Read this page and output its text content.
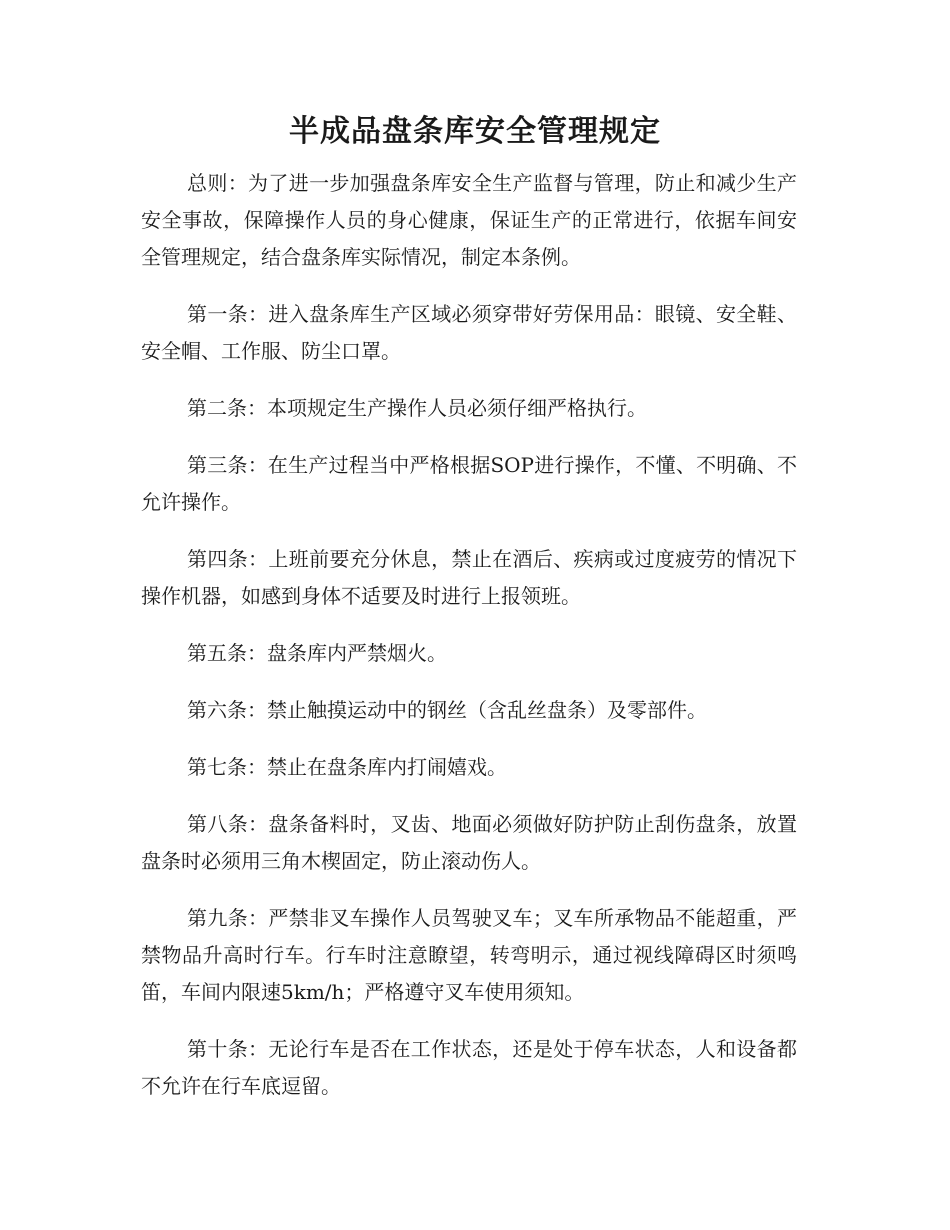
半成品盘条库安全管理规定

总则：为了进一步加强盘条库安全生产监督与管理，防止和减少生产安全事故，保障操作人员的身心健康，保证生产的正常进行，依据车间安全管理规定，结合盘条库实际情况，制定本条例。

第一条：进入盘条库生产区域必须穿带好劳保用品：眼镜、安全鞋、安全帽、工作服、防尘口罩。

第二条：本项规定生产操作人员必须仔细严格执行。

第三条：在生产过程当中严格根据SOP进行操作，不懂、不明确、不允许操作。

第四条：上班前要充分休息，禁止在酒后、疾病或过度疲劳的情况下操作机器，如感到身体不适要及时进行上报领班。

第五条：盘条库内严禁烟火。

第六条：禁止触摸运动中的钢丝（含乱丝盘条）及零部件。

第七条：禁止在盘条库内打闹嬉戏。

第八条：盘条备料时，叉齿、地面必须做好防护防止刮伤盘条，放置盘条时必须用三角木楔固定，防止滚动伤人。

第九条：严禁非叉车操作人员驾驶叉车；叉车所承物品不能超重，严禁物品升高时行车。行车时注意瞭望，转弯明示，通过视线障碍区时须鸣笛，车间内限速5km/h；严格遵守叉车使用须知。

第十条：无论行车是否在工作状态，还是处于停车状态，人和设备都不允许在行车底逗留。
